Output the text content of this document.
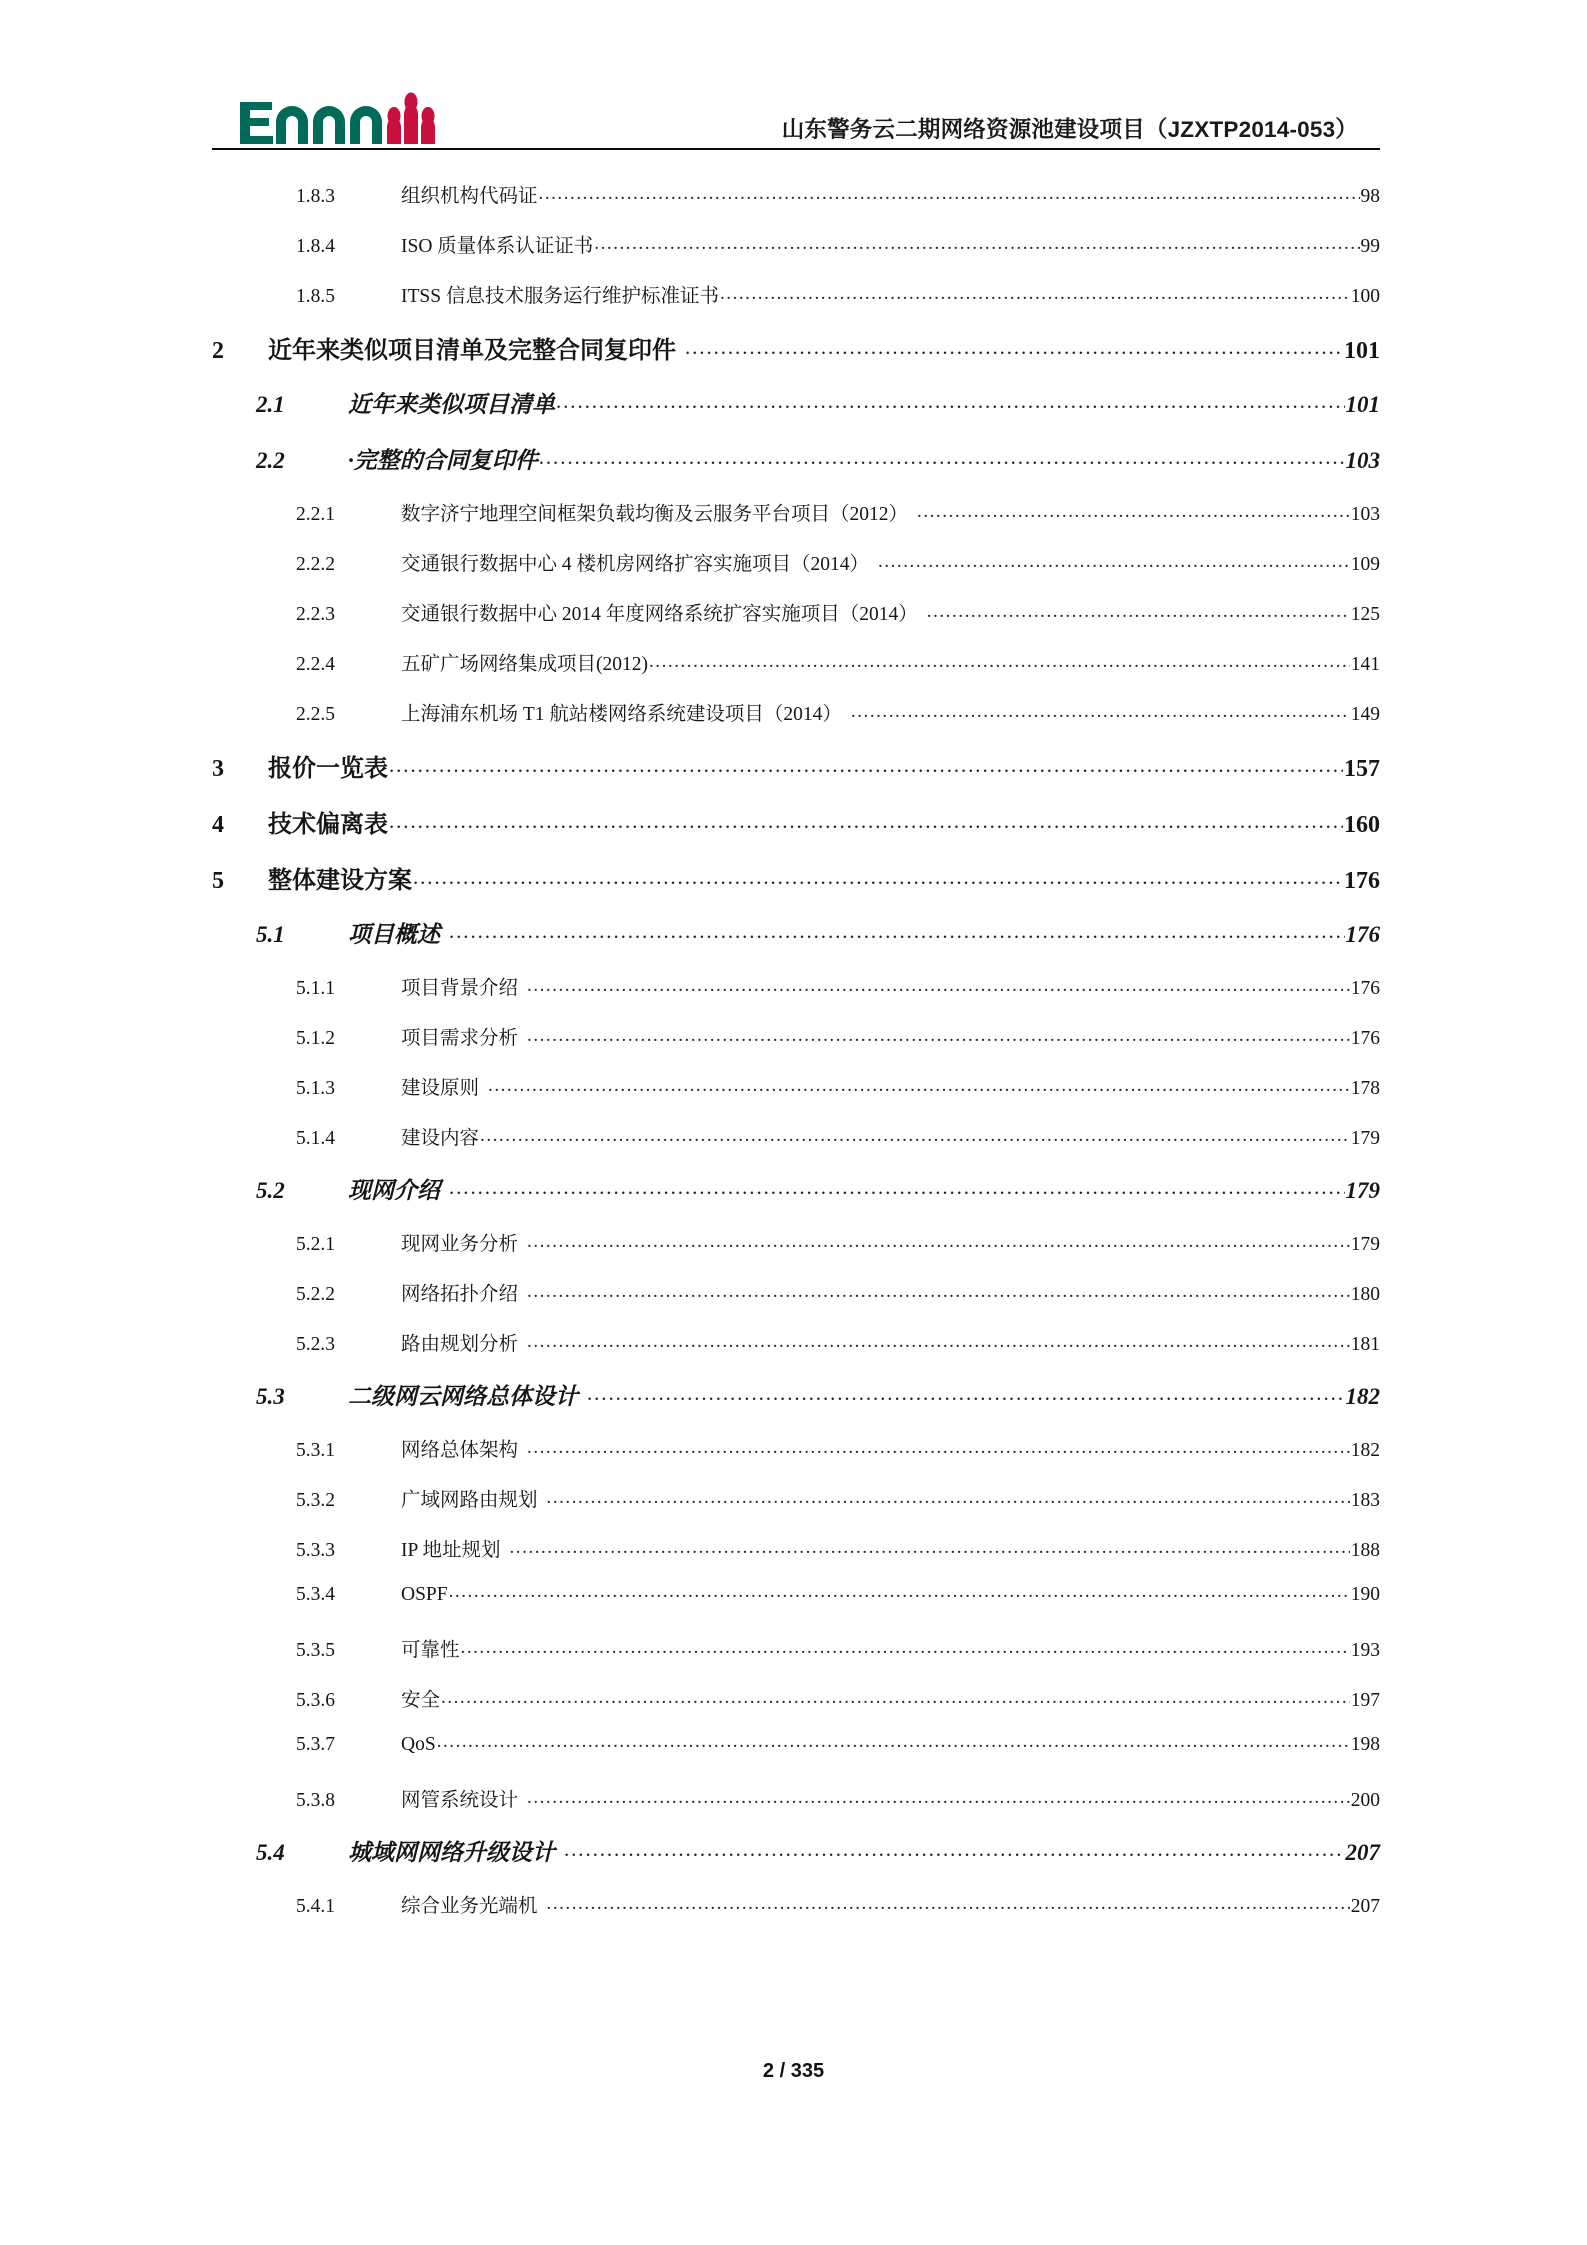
山东警务云二期网络资源池建设项目（JZXTP2014-053）
1.8.3	组织机构代码证	98
1.8.4	ISO 质量体系认证证书	99
1.8.5	ITSS 信息技术服务运行维护标准证书	100
2	近年来类似项目清单及完整合同复印件	101
2.1	近年来类似项目清单	101
2.2	·完整的合同复印件	103
2.2.1	数字济宁地理空间框架负载均衡及云服务平台项目（2012）	103
2.2.2	交通银行数据中心 4 楼机房网络扩容实施项目（2014）	109
2.2.3	交通银行数据中心 2014 年度网络系统扩容实施项目（2014）	125
2.2.4	五矿广场网络集成项目(2012)	141
2.2.5	上海浦东机场 T1 航站楼网络系统建设项目（2014）	149
3	报价一览表	157
4	技术偏离表	160
5	整体建设方案	176
5.1	项目概述	176
5.1.1	项目背景介绍	176
5.1.2	项目需求分析	176
5.1.3	建设原则	178
5.1.4	建设内容	179
5.2	现网介绍	179
5.2.1	现网业务分析	179
5.2.2	网络拓扑介绍	180
5.2.3	路由规划分析	181
5.3	二级网云网络总体设计	182
5.3.1	网络总体架构	182
5.3.2	广域网路由规划	183
5.3.3	IP 地址规划	188
5.3.4	OSPF	190
5.3.5	可靠性	193
5.3.6	安全	197
5.3.7	QoS	198
5.3.8	网管系统设计	200
5.4	城域网网络升级设计	207
5.4.1	综合业务光端机	207
2 / 335
